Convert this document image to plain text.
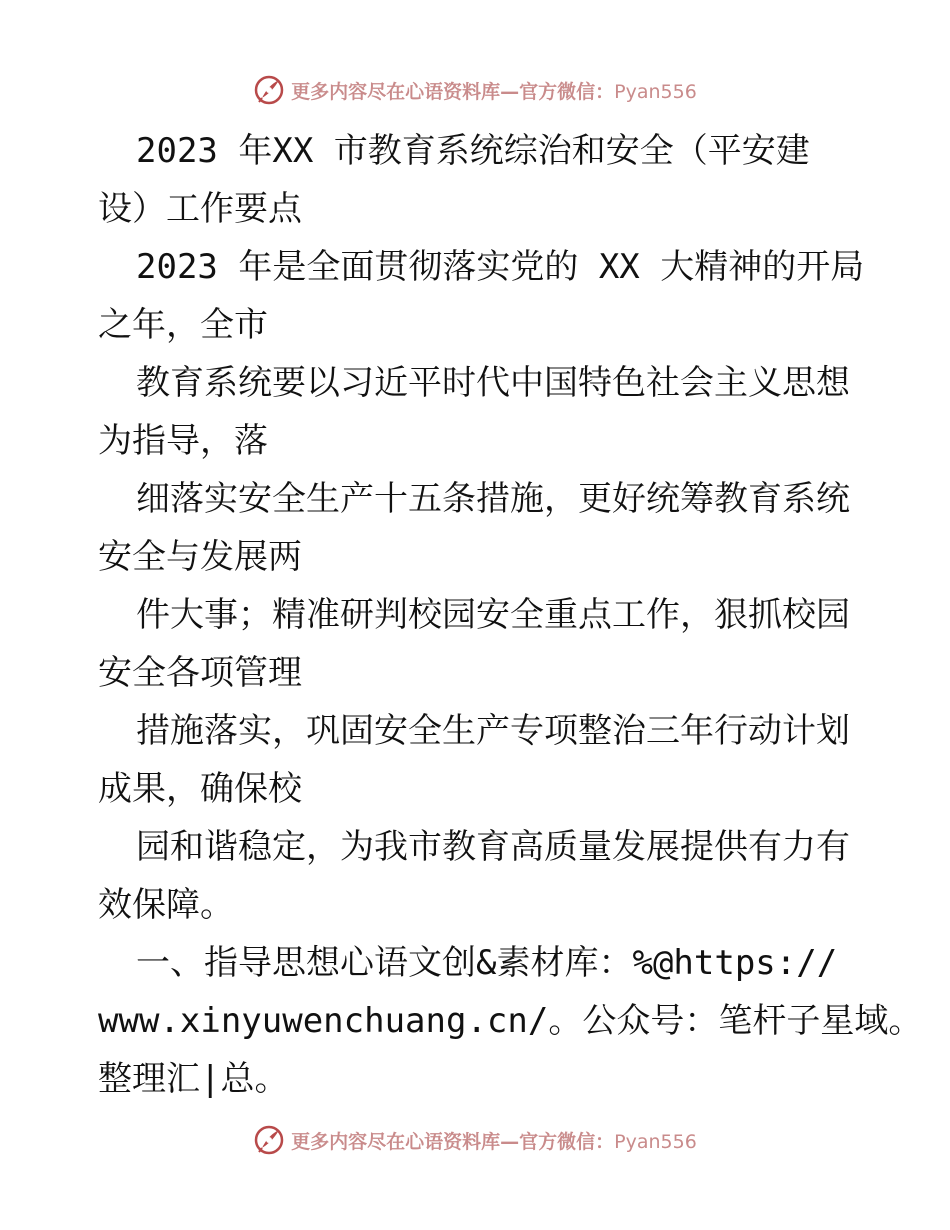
更多内容尽在心语资料库—官方微信：Pyan556
2023 年XX 市教育系统综治和安全（平安建
设）工作要点
2023 年是全面贯彻落实党的 XX 大精神的开局
之年，全市
教育系统要以习近平时代中国特色社会主义思想
为指导，落
细落实安全生产十五条措施，更好统筹教育系统
安全与发展两
件大事；精准研判校园安全重点工作，狠抓校园
安全各项管理
措施落实，巩固安全生产专项整治三年行动计划
成果，确保校
园和谐稳定，为我市教育高质量发展提供有力有
效保障。
一、指导思想心语文创&素材库：%@https://
www.xinyuwenchuang.cn/。公众号：笔杆子星域。
整理汇|总。
更多内容尽在心语资料库—官方微信：Pyan556
